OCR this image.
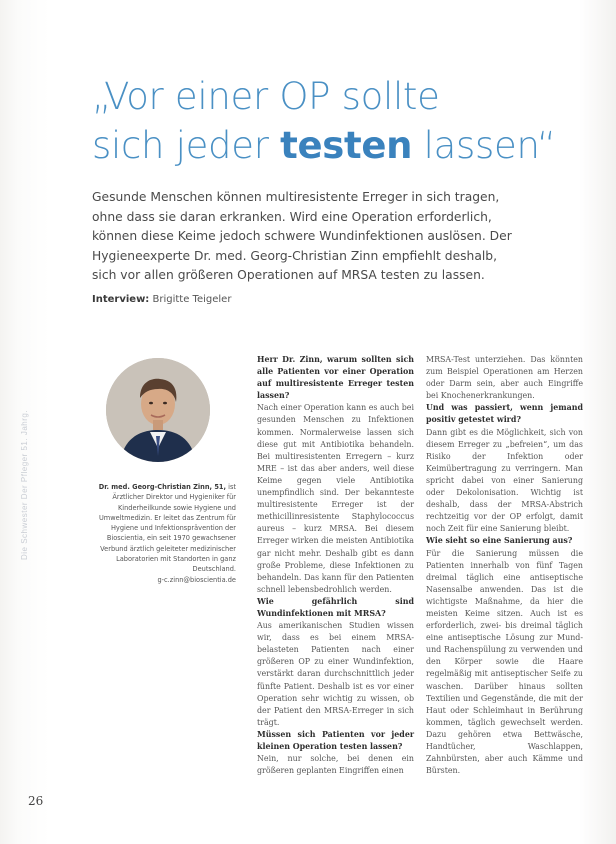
„Vor einer OP sollte
sich jeder testen lassen“
Gesunde Menschen können multiresistente Erreger in sich tragen, ohne dass sie daran erkranken. Wird eine Operation erforderlich, können diese Keime jedoch schwere Wundinfektionen auslösen. Der Hygieneexperte Dr. med. Georg-Christian Zinn empfiehlt deshalb, sich vor allen größeren Operationen auf MRSA testen zu lassen.
Interview: Brigitte Teigeler
Dr. med. Georg-Christian Zinn, 51, ist Ärztlicher Direktor und Hygieniker für Kinderheilkunde sowie Hygiene und Umweltmedizin. Er leitet das Zentrum für Hygiene und Infektionsprävention der Bioscientia, ein seit 1970 gewachsener Verbund ärztlich geleiteter medizinischer Laboratorien mit Standorten in ganz Deutschland.
g-c.zinn@bioscientia.de
Die Schwester Der Pfleger 51. Jahrg.
26

Herr Dr. Zinn, warum sollten sich alle Patienten vor einer Operation auf multiresistente Erreger testen lassen?

Nach einer Operation kann es auch bei gesunden Menschen zu Infektionen kommen. Normalerweise lassen sich diese gut mit Antibiotika behandeln. Bei multiresistenten Erregern – kurz MRE – ist das aber anders, weil diese Keime gegen viele Antibiotika unempfindlich sind. Der bekannteste multiresistente Erreger ist der methicillinresistente Staphylococcus aureus – kurz MRSA. Bei diesem Erreger wirken die meisten Antibiotika gar nicht mehr. Deshalb gibt es dann große Probleme, diese Infektionen zu behandeln. Das kann für den Patienten schnell lebensbedrohlich werden.

Wie gefährlich sind Wundinfektionen mit MRSA?

Aus amerikanischen Studien wissen wir, dass es bei einem MRSA-belasteten Patienten nach einer größeren OP zu einer Wundinfektion, verstärkt daran durchschnittlich jeder fünfte Patient. Deshalb ist es vor einer Operation sehr wichtig zu wissen, ob der Patient den MRSA-Erreger in sich trägt.

Müssen sich Patienten vor jeder kleinen Operation testen lassen?

Nein, nur solche, bei denen ein größeren geplanten Eingriffen einen

MRSA-Test unterziehen. Das könnten zum Beispiel Operationen am Herzen oder Darm sein, aber auch Eingriffe bei Knochenerkrankungen.

Und was passiert, wenn jemand positiv getestet wird?

Dann gibt es die Möglichkeit, sich von diesem Erreger zu „befreien“, um das Risiko der Infektion oder Keimübertragung zu verringern. Man spricht dabei von einer Sanierung oder Dekolonisation. Wichtig ist deshalb, dass der MRSA-Abstrich rechtzeitig vor der OP erfolgt, damit noch Zeit für eine Sanierung bleibt.

Wie sieht so eine Sanierung aus?

Für die Sanierung müssen die Patienten innerhalb von fünf Tagen dreimal täglich eine antiseptische Nasensalbe anwenden. Das ist die wichtigste Maßnahme, da hier die meisten Keime sitzen. Auch ist es erforderlich, zwei- bis dreimal täglich eine antiseptische Lösung zur Mund- und Rachenspülung zu verwenden und den Körper sowie die Haare regelmäßig mit antiseptischer Seife zu waschen. Darüber hinaus sollten Textilien und Gegenstände, die mit der Haut oder Schleimhaut in Berührung kommen, täglich gewechselt werden. Dazu gehören etwa Bettwäsche, Handtücher, Waschlappen, Zahnbürsten, aber auch Kämme und Bürsten.
